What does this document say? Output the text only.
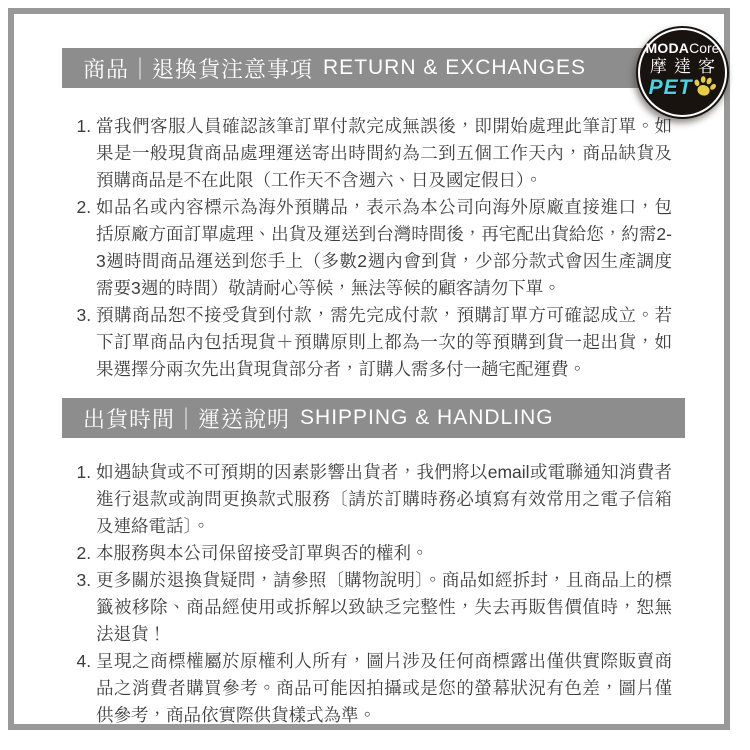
商品｜退換貨注意事項 RETURN & EXCHANGES
1. 當我們客服人員確認該筆訂單付款完成無誤後，即開始處理此筆訂單。如果是一般現貨商品處理運送寄出時間約為二到五個工作天內，商品缺貨及預購商品是不在此限（工作天不含週六、日及國定假日）。
2. 如品名或內容標示為海外預購品，表示為本公司向海外原廠直接進口，包括原廠方面訂單處理、出貨及運送到台灣時間後，再宅配出貨給您，約需2-3週時間商品運送到您手上（多數2週內會到貨，少部分款式會因生產調度需要3週的時間）敬請耐心等候，無法等候的顧客請勿下單。
3. 預購商品恕不接受貨到付款，需先完成付款，預購訂單方可確認成立。若下訂單商品內包括現貨＋預購原則上都為一次的等預購到貨一起出貨，如果選擇分兩次先出貨現貨部分者，訂購人需多付一趟宅配運費。
出貨時間｜運送說明 SHIPPING & HANDLING
1. 如遇缺貨或不可預期的因素影響出貨者，我們將以email或電聯通知消費者進行退款或詢問更換款式服務〔請於訂購時務必填寫有效常用之電子信箱及連絡電話〕。
2. 本服務與本公司保留接受訂單與否的權利。
3. 更多關於退換貨疑問，請參照〔購物說明〕。商品如經拆封，且商品上的標籤被移除、商品經使用或拆解以致缺乏完整性，失去再販售價值時，恕無法退貨！
4. 呈現之商標權屬於原權利人所有，圖片涉及任何商標露出僅供實際販賣商品之消費者購買參考。商品可能因拍攝或是您的螢幕狀況有色差，圖片僅供參考，商品依實際供貨樣式為準。
MODACore
摩達客
PET
